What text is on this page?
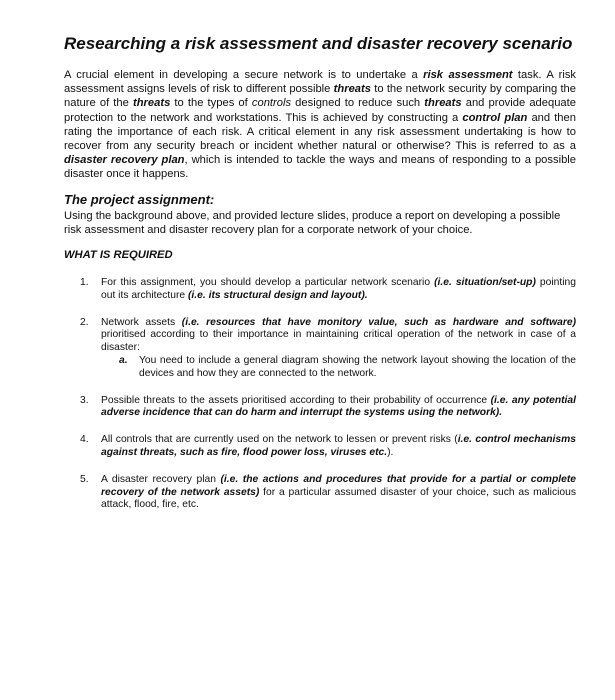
Researching a risk assessment and disaster recovery scenario

A crucial element in developing a secure network is to undertake a risk assessment task. A risk assessment assigns levels of risk to different possible threats to the network security by comparing the nature of the threats to the types of controls designed to reduce such threats and provide adequate protection to the network and workstations. This is achieved by constructing a control plan and then rating the importance of each risk. A critical element in any risk assessment undertaking is how to recover from any security breach or incident whether natural or otherwise? This is referred to as a disaster recovery plan, which is intended to tackle the ways and means of responding to a possible disaster once it happens.

The project assignment:

Using the background above, and provided lecture slides, produce a report on developing a possible risk assessment and disaster recovery plan for a corporate network of your choice.

WHAT IS REQUIRED
1.	For this assignment, you should develop a particular network scenario (i.e. situation/set-up) pointing out its architecture (i.e. its structural design and layout).
2.	Network assets (i.e. resources that have monitory value, such as hardware and software) prioritised according to their importance in maintaining critical operation of the network in case of a disaster:
a.	You need to include a general diagram showing the network layout showing the location of the devices and how they are connected to the network.
3.	Possible threats to the assets prioritised according to their probability of occurrence (i.e. any potential adverse incidence that can do harm and interrupt the systems using the network).
4.	All controls that are currently used on the network to lessen or prevent risks (i.e. control mechanisms against threats, such as fire, flood power loss, viruses etc.).
5.	A disaster recovery plan (i.e. the actions and procedures that provide for a partial or complete recovery of the network assets) for a particular assumed disaster of your choice, such as malicious attack, flood, fire, etc.
